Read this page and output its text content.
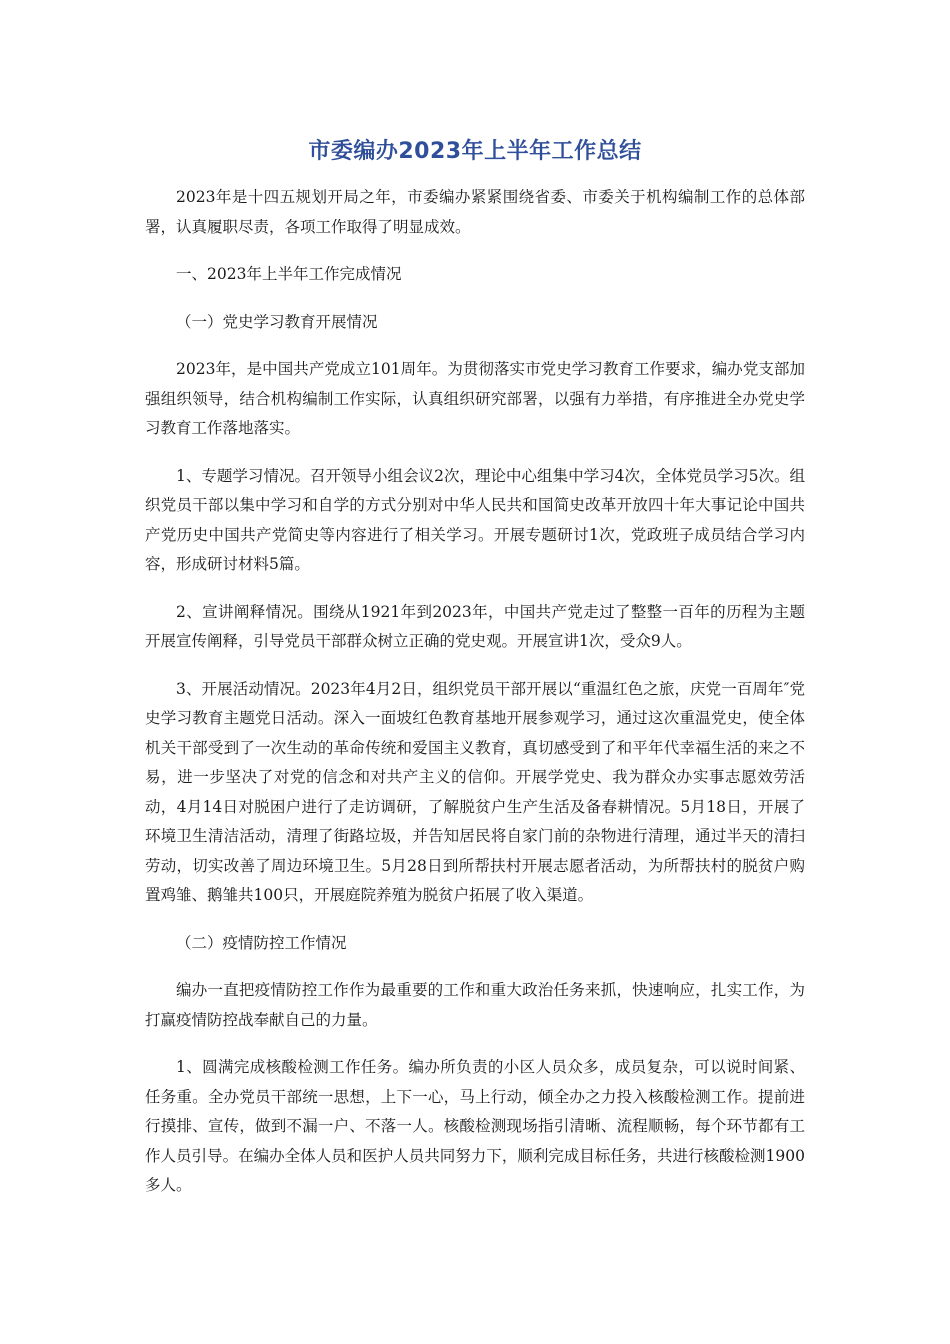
市委编办2023年上半年工作总结

2023年是十四五规划开局之年，市委编办紧紧围绕省委、市委关于机构编制工作的总体部署，认真履职尽责，各项工作取得了明显成效。

一、2023年上半年工作完成情况

（一）党史学习教育开展情况

2023年，是中国共产党成立101周年。为贯彻落实市党史学习教育工作要求，编办党支部加强组织领导，结合机构编制工作实际，认真组织研究部署，以强有力举措，有序推进全办党史学习教育工作落地落实。

1、专题学习情况。召开领导小组会议2次，理论中心组集中学习4次，全体党员学习5次。组织党员干部以集中学习和自学的方式分别对中华人民共和国简史改革开放四十年大事记论中国共产党历史中国共产党简史等内容进行了相关学习。开展专题研讨1次，党政班子成员结合学习内容，形成研讨材料5篇。

2、宣讲阐释情况。围绕从1921年到2023年，中国共产党走过了整整一百年的历程为主题开展宣传阐释，引导党员干部群众树立正确的党史观。开展宣讲1次，受众9人。

3、开展活动情况。2023年4月2日，组织党员干部开展以“重温红色之旅，庆党一百周年″党史学习教育主题党日活动。深入一面坡红色教育基地开展参观学习，通过这次重温党史，使全体机关干部受到了一次生动的革命传统和爱国主义教育，真切感受到了和平年代幸福生活的来之不易，进一步坚决了对党的信念和对共产主义的信仰。开展学党史、我为群众办实事志愿效劳活动，4月14日对脱困户进行了走访调研，了解脱贫户生产生活及备春耕情况。5月18日，开展了环境卫生清洁活动，清理了街路垃圾，并告知居民将自家门前的杂物进行清理，通过半天的清扫劳动，切实改善了周边环境卫生。5月28日到所帮扶村开展志愿者活动，为所帮扶村的脱贫户购置鸡雏、鹅雏共100只，开展庭院养殖为脱贫户拓展了收入渠道。

（二）疫情防控工作情况

编办一直把疫情防控工作作为最重要的工作和重大政治任务来抓，快速响应，扎实工作，为打赢疫情防控战奉献自己的力量。

1、圆满完成核酸检测工作任务。编办所负责的小区人员众多，成员复杂，可以说时间紧、任务重。全办党员干部统一思想，上下一心，马上行动，倾全办之力投入核酸检测工作。提前进行摸排、宣传，做到不漏一户、不落一人。核酸检测现场指引清晰、流程顺畅，每个环节都有工作人员引导。在编办全体人员和医护人员共同努力下，顺利完成目标任务，共进行核酸检测1900多人。
